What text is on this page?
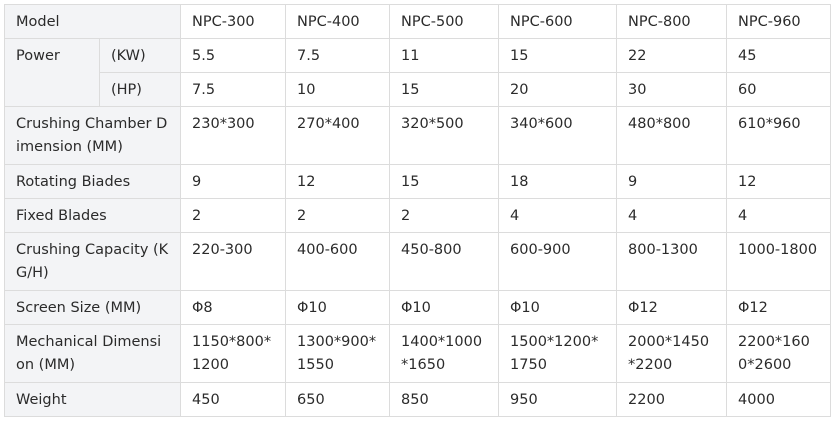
Model		NPC-300	NPC-400	NPC-500	NPC-600	NPC-800	NPC-960
Power	(KW)	5.5	7.5	11	15	22	45
	(HP)	7.5	10	15	20	30	60
Crushing Chamber Dimension (MM)		230*300	270*400	320*500	340*600	480*800	610*960
Rotating Biades		9	12	15	18	9	12
Fixed Blades		2	2	2	4	4	4
Crushing Capacity (KG/H)		220-300	400-600	450-800	600-900	800-1300	1000-1800
Screen Size (MM)		Φ8	Φ10	Φ10	Φ10	Φ12	Φ12
Mechanical Dimension (MM)		1150*800*1200	1300*900*1550	1400*1000*1650	1500*1200*1750	2000*1450*2200	2200*1600*2600
Weight		450	650	850	950	2200	4000
